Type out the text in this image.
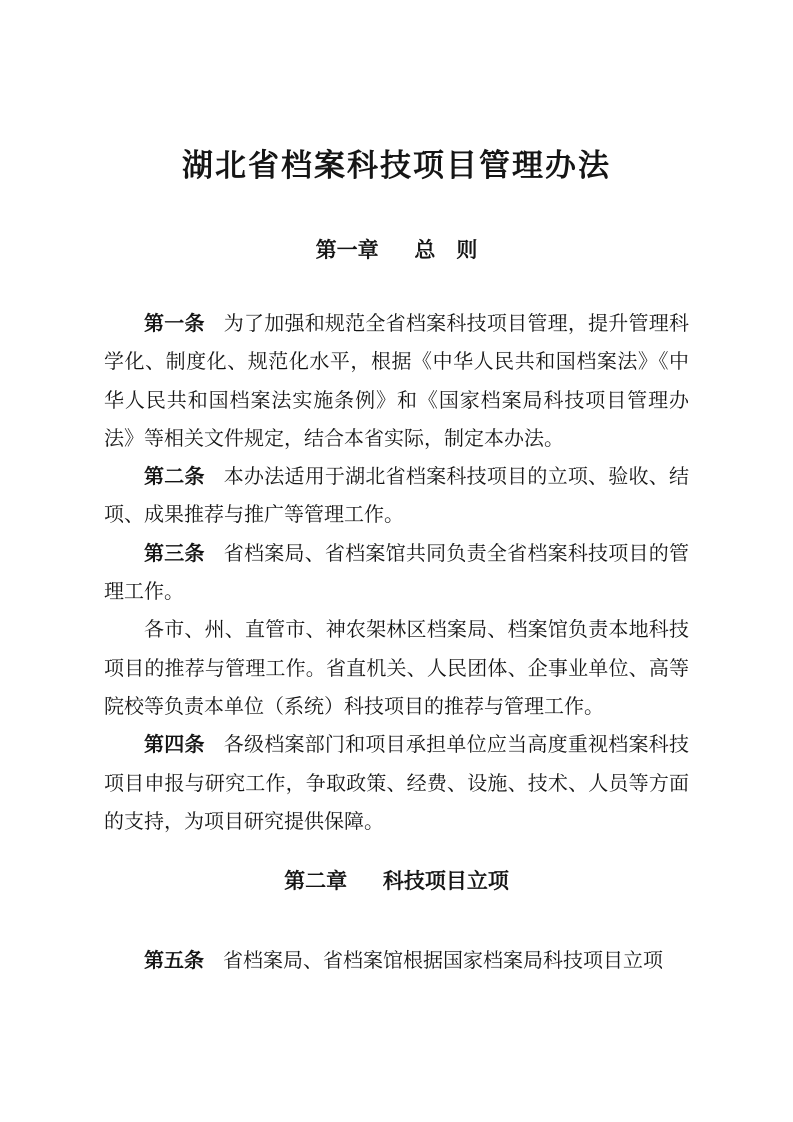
湖北省档案科技项目管理办法
第一章 总　则

第一条 为了加强和规范全省档案科技项目管理，提升管理科学化、制度化、规范化水平，根据《中华人民共和国档案法》《中华人民共和国档案法实施条例》和《国家档案局科技项目管理办法》等相关文件规定，结合本省实际，制定本办法。

第二条 本办法适用于湖北省档案科技项目的立项、验收、结项、成果推荐与推广等管理工作。

第三条 省档案局、省档案馆共同负责全省档案科技项目的管理工作。

各市、州、直管市、神农架林区档案局、档案馆负责本地科技项目的推荐与管理工作。省直机关、人民团体、企事业单位、高等院校等负责本单位（系统）科技项目的推荐与管理工作。

第四条 各级档案部门和项目承担单位应当高度重视档案科技项目申报与研究工作，争取政策、经费、设施、技术、人员等方面的支持，为项目研究提供保障。

第二章 科技项目立项

第五条 省档案局、省档案馆根据国家档案局科技项目立项
